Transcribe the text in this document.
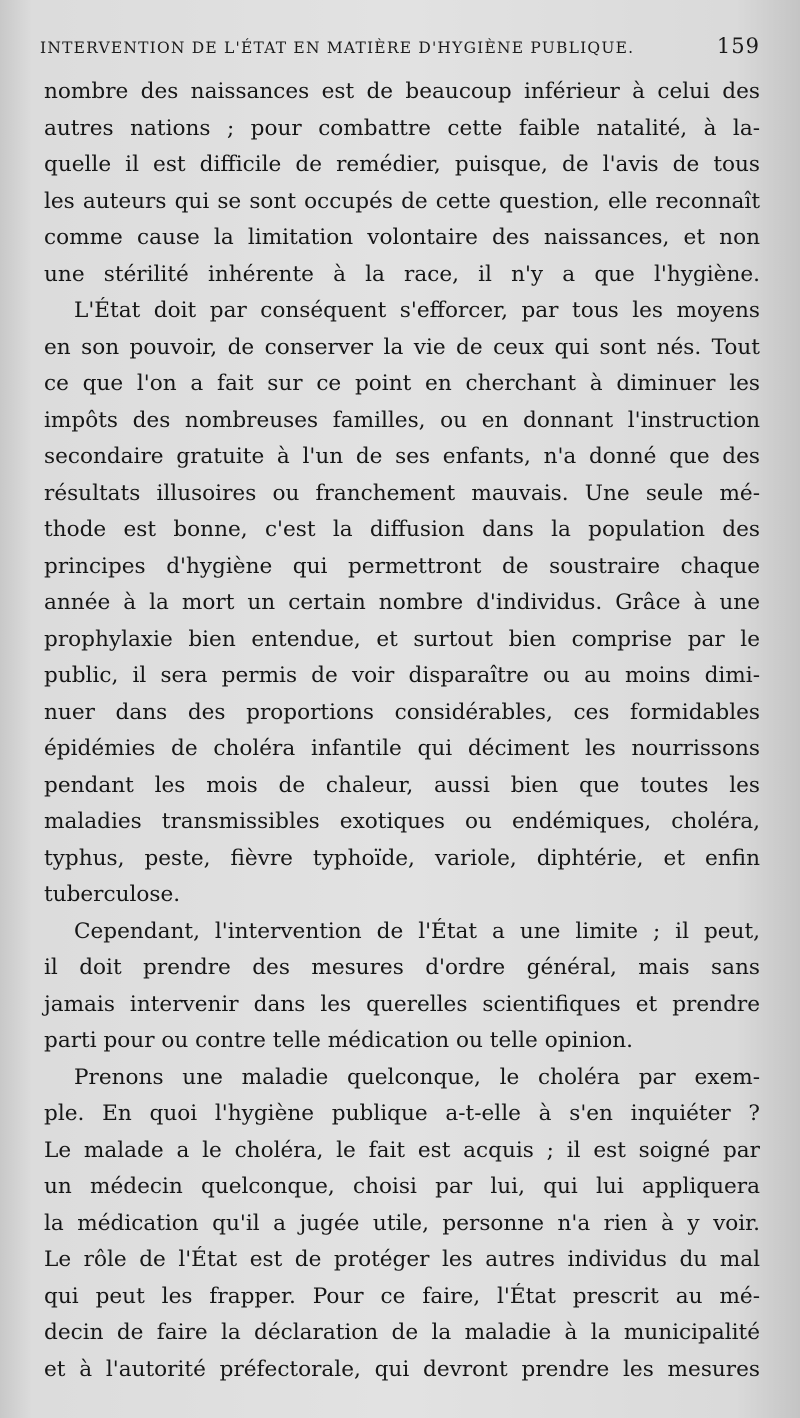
INTERVENTION DE L'ÉTAT EN MATIÈRE D'HYGIÈNE PUBLIQUE.	159

nombre des naissances est de beaucoup inférieur à celui des
autres nations ; pour combattre cette faible natalité, à la-
quelle il est difficile de remédier, puisque, de l'avis de tous
les auteurs qui se sont occupés de cette question, elle reconnaît
comme cause la limitation volontaire des naissances, et non
une stérilité inhérente à la race, il n'y a que l'hygiène.

L'État doit par conséquent s'efforcer, par tous les moyens
en son pouvoir, de conserver la vie de ceux qui sont nés. Tout
ce que l'on a fait sur ce point en cherchant à diminuer les
impôts des nombreuses familles, ou en donnant l'instruction
secondaire gratuite à l'un de ses enfants, n'a donné que des
résultats illusoires ou franchement mauvais. Une seule mé-
thode est bonne, c'est la diffusion dans la population des
principes d'hygiène qui permettront de soustraire chaque
année à la mort un certain nombre d'individus. Grâce à une
prophylaxie bien entendue, et surtout bien comprise par le
public, il sera permis de voir disparaître ou au moins dimi-
nuer dans des proportions considérables, ces formidables
épidémies de choléra infantile qui déciment les nourrissons
pendant les mois de chaleur, aussi bien que toutes les
maladies transmissibles exotiques ou endémiques, choléra,
typhus, peste, fièvre typhoïde, variole, diphtérie, et enfin
tuberculose.

Cependant, l'intervention de l'État a une limite ; il peut,
il doit prendre des mesures d'ordre général, mais sans
jamais intervenir dans les querelles scientifiques et prendre
parti pour ou contre telle médication ou telle opinion.

Prenons une maladie quelconque, le choléra par exem-
ple. En quoi l'hygiène publique a-t-elle à s'en inquiéter ?
Le malade a le choléra, le fait est acquis ; il est soigné par
un médecin quelconque, choisi par lui, qui lui appliquera
la médication qu'il a jugée utile, personne n'a rien à y voir.
Le rôle de l'État est de protéger les autres individus du mal
qui peut les frapper. Pour ce faire, l'État prescrit au mé-
decin de faire la déclaration de la maladie à la municipalité
et à l'autorité préfectorale, qui devront prendre les mesures
